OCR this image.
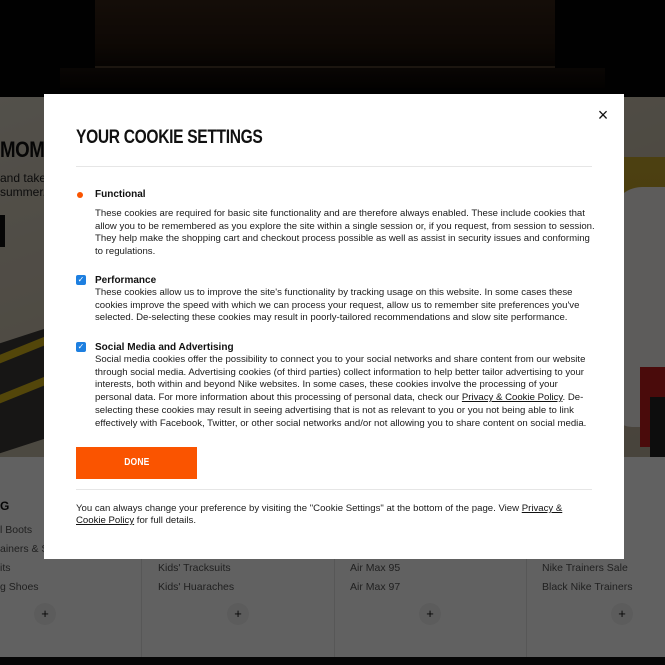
×
YOUR COOKIE SETTINGS
Functional
These cookies are required for basic site functionality and are therefore always enabled. These include cookies that allow you to be remembered as you explore the site within a single session or, if you request, from session to session. They help make the shopping cart and checkout process possible as well as assist in security issues and conforming to regulations.
✓ Performance
These cookies allow us to improve the site's functionality by tracking usage on this website. In some cases these cookies improve the speed with which we can process your request, allow us to remember site preferences you've selected. De-selecting these cookies may result in poorly-tailored recommendations and slow site performance.
✓ Social Media and Advertising
Social media cookies offer the possibility to connect you to your social networks and share content from our website through social media. Advertising cookies (of third parties) collect information to help better tailor advertising to your interests, both within and beyond Nike websites. In some cases, these cookies involve the processing of your personal data. For more information about this processing of personal data, check our Privacy & Cookie Policy. De-selecting these cookies may result in seeing advertising that is not as relevant to you or you not being able to link effectively with Facebook, Twitter, or other social networks and/or not allowing you to share content on social media.
DONE
You can always change your preference by visiting the "Cookie Settings" at the bottom of the page. View Privacy & Cookie Policy for full details.
